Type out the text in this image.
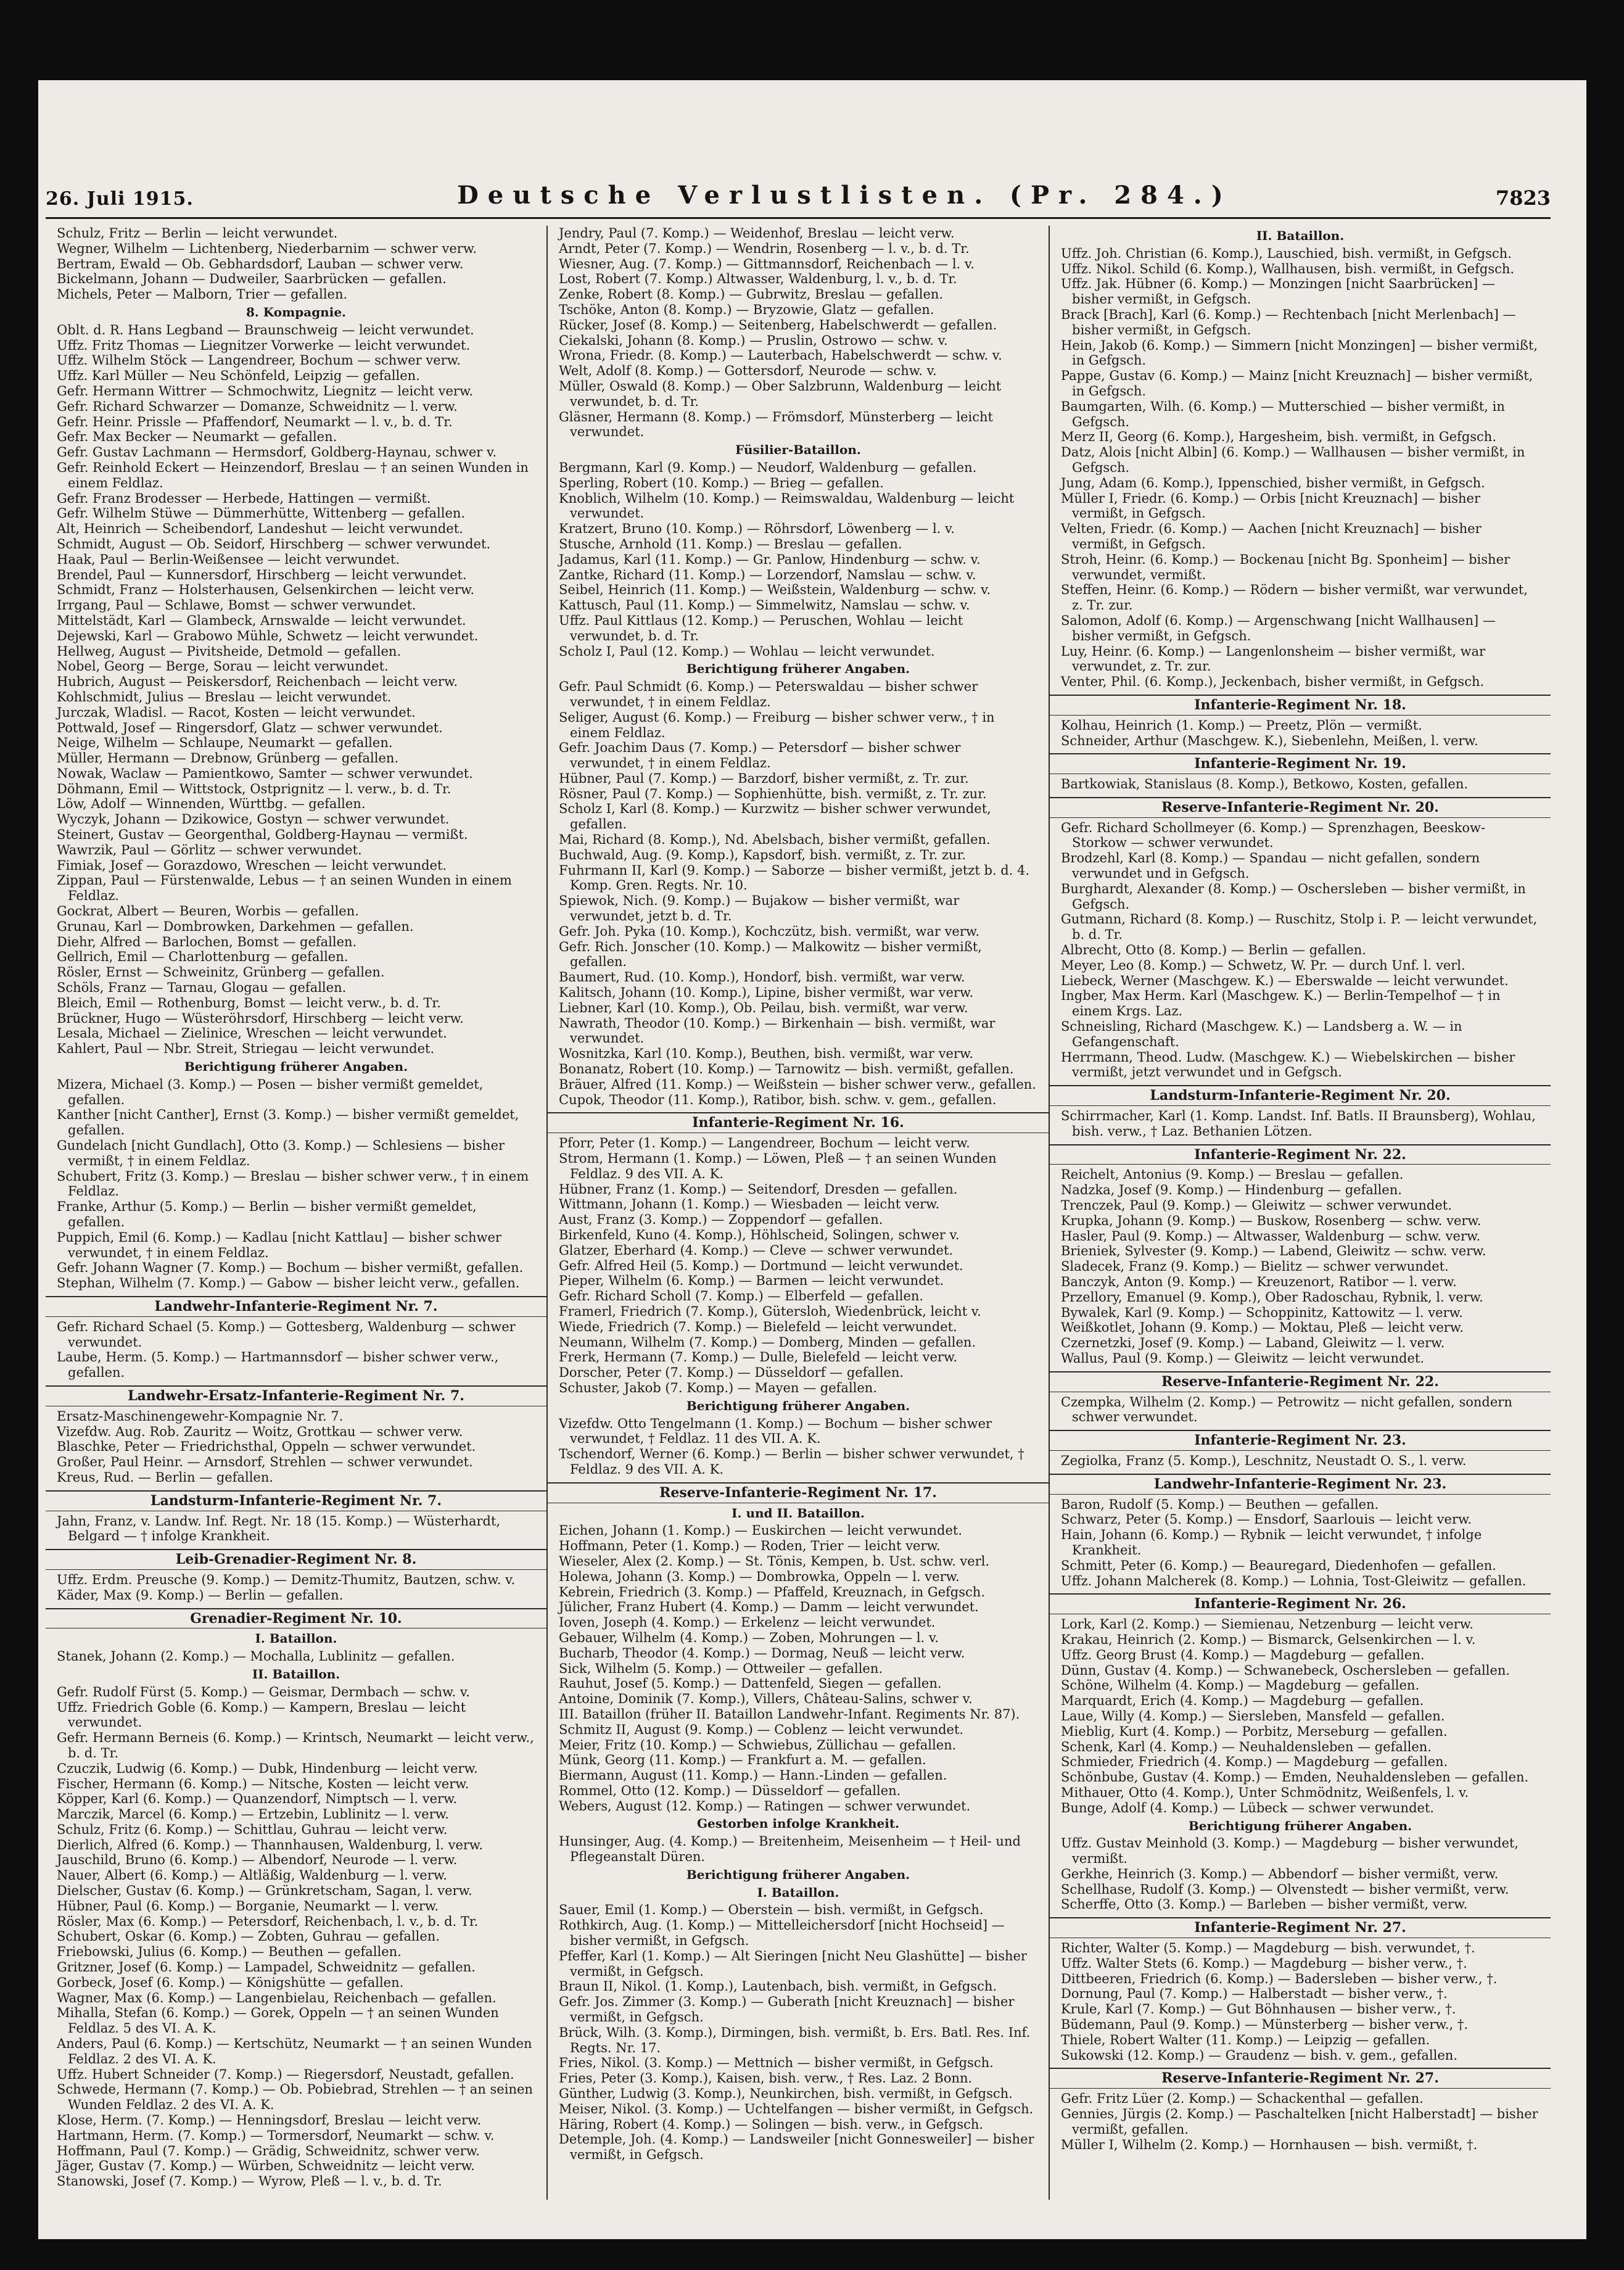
26. Juli 1915.	Deutsche Verlustlisten. (Pr. 284.)	7823

Schulz, Fritz — Berlin — leicht verwundet.

Wegner, Wilhelm — Lichtenberg, Niederbarnim — schwer verw.

Bertram, Ewald — Ob. Gebhardsdorf, Lauban — schwer verw.

Bickelmann, Johann — Dudweiler, Saarbrücken — gefallen.

Michels, Peter — Malborn, Trier — gefallen.

8. Kompagnie.

Oblt. d. R. Hans Legband — Braunschweig — leicht verwundet.

Uffz. Fritz Thomas — Liegnitzer Vorwerke — leicht verwundet.

Uffz. Wilhelm Stöck — Langendreer, Bochum — schwer verw.

Uffz. Karl Müller — Neu Schönfeld, Leipzig — gefallen.

Gefr. Hermann Wittrer — Schmochwitz, Liegnitz — leicht verw.

Gefr. Richard Schwarzer — Domanze, Schweidnitz — l. verw.

Gefr. Heinr. Prissle — Pfaffendorf, Neumarkt — l. v., b. d. Tr.

Gefr. Max Becker — Neumarkt — gefallen.

Gefr. Gustav Lachmann — Hermsdorf, Goldberg-Haynau, schwer v.

Gefr. Reinhold Eckert — Heinzendorf, Breslau — † an seinen Wunden in einem Feldlaz.

Gefr. Franz Brodesser — Herbede, Hattingen — vermißt.

Gefr. Wilhelm Stüwe — Dümmerhütte, Wittenberg — gefallen.

Alt, Heinrich — Scheibendorf, Landeshut — leicht verwundet.

Schmidt, August — Ob. Seidorf, Hirschberg — schwer verwundet.

Haak, Paul — Berlin-Weißensee — leicht verwundet.

Brendel, Paul — Kunnersdorf, Hirschberg — leicht verwundet.

Schmidt, Franz — Holsterhausen, Gelsenkirchen — leicht verw.

Irrgang, Paul — Schlawe, Bomst — schwer verwundet.

Mittelstädt, Karl — Glambeck, Arnswalde — leicht verwundet.

Dejewski, Karl — Grabowo Mühle, Schwetz — leicht verwundet.

Hellweg, August — Pivitsheide, Detmold — gefallen.

Nobel, Georg — Berge, Sorau — leicht verwundet.

Hubrich, August — Peiskersdorf, Reichenbach — leicht verw.

Kohlschmidt, Julius — Breslau — leicht verwundet.

Jurczak, Wladisl. — Racot, Kosten — leicht verwundet.

Pottwald, Josef — Ringersdorf, Glatz — schwer verwundet.

Neige, Wilhelm — Schlaupe, Neumarkt — gefallen.

Müller, Hermann — Drebnow, Grünberg — gefallen.

Nowak, Waclaw — Pamientkowo, Samter — schwer verwundet.

Döhmann, Emil — Wittstock, Ostprignitz — l. verw., b. d. Tr.

Löw, Adolf — Winnenden, Württbg. — gefallen.

Wyczyk, Johann — Dzikowice, Gostyn — schwer verwundet.

Steinert, Gustav — Georgenthal, Goldberg-Haynau — vermißt.

Wawrzik, Paul — Görlitz — schwer verwundet.

Fimiak, Josef — Gorazdowo, Wreschen — leicht verwundet.

Zippan, Paul — Fürstenwalde, Lebus — † an seinen Wunden in einem Feldlaz.

Gockrat, Albert — Beuren, Worbis — gefallen.

Grunau, Karl — Dombrowken, Darkehmen — gefallen.

Diehr, Alfred — Barlochen, Bomst — gefallen.

Gellrich, Emil — Charlottenburg — gefallen.

Rösler, Ernst — Schweinitz, Grünberg — gefallen.

Schöls, Franz — Tarnau, Glogau — gefallen.

Bleich, Emil — Rothenburg, Bomst — leicht verw., b. d. Tr.

Brückner, Hugo — Wüsteröhrsdorf, Hirschberg — leicht verw.

Lesala, Michael — Zielinice, Wreschen — leicht verwundet.

Kahlert, Paul — Nbr. Streit, Striegau — leicht verwundet.

Berichtigung früherer Angaben.

Mizera, Michael (3. Komp.) — Posen — bisher vermißt gemeldet, gefallen.

Kanther [nicht Canther], Ernst (3. Komp.) — bisher vermißt gemeldet, gefallen.

Gundelach [nicht Gundlach], Otto (3. Komp.) — Schlesiens — bisher vermißt, † in einem Feldlaz.

Schubert, Fritz (3. Komp.) — Breslau — bisher schwer verw., † in einem Feldlaz.

Franke, Arthur (5. Komp.) — Berlin — bisher vermißt gemeldet, gefallen.

Puppich, Emil (6. Komp.) — Kadlau [nicht Kattlau] — bisher schwer verwundet, † in einem Feldlaz.

Gefr. Johann Wagner (7. Komp.) — Bochum — bisher vermißt, gefallen.

Stephan, Wilhelm (7. Komp.) — Gabow — bisher leicht verw., gefallen.

Landwehr-Infanterie-Regiment Nr. 7.

Gefr. Richard Schael (5. Komp.) — Gottesberg, Waldenburg — schwer verwundet.

Laube, Herm. (5. Komp.) — Hartmannsdorf — bisher schwer verw., gefallen.

Landwehr-Ersatz-Infanterie-Regiment Nr. 7.

Ersatz-Maschinengewehr-Kompagnie Nr. 7.

Vizefdw. Aug. Rob. Zauritz — Woitz, Grottkau — schwer verw.

Blaschke, Peter — Friedrichsthal, Oppeln — schwer verwundet.

Großer, Paul Heinr. — Arnsdorf, Strehlen — schwer verwundet.

Kreus, Rud. — Berlin — gefallen.

Landsturm-Infanterie-Regiment Nr. 7.

Jahn, Franz, v. Landw. Inf. Regt. Nr. 18 (15. Komp.) — Wüsterhardt, Belgard — † infolge Krankheit.

Leib-Grenadier-Regiment Nr. 8.

Uffz. Erdm. Preusche (9. Komp.) — Demitz-Thumitz, Bautzen, schw. v.

Käder, Max (9. Komp.) — Berlin — gefallen.

Grenadier-Regiment Nr. 10.

I. Bataillon.

Stanek, Johann (2. Komp.) — Mochalla, Lublinitz — gefallen.

II. Bataillon.

Gefr. Rudolf Fürst (5. Komp.) — Geismar, Dermbach — schw. v.

Uffz. Friedrich Goble (6. Komp.) — Kampern, Breslau — leicht verwundet.

Gefr. Hermann Berneis (6. Komp.) — Krintsch, Neumarkt — leicht verw., b. d. Tr.

Czuczik, Ludwig (6. Komp.) — Dubk, Hindenburg — leicht verw.

Fischer, Hermann (6. Komp.) — Nitsche, Kosten — leicht verw.

Köpper, Karl (6. Komp.) — Quanzendorf, Nimptsch — l. verw.

Marczik, Marcel (6. Komp.) — Ertzebin, Lublinitz — l. verw.

Schulz, Fritz (6. Komp.) — Schittlau, Guhrau — leicht verw.

Dierlich, Alfred (6. Komp.) — Thannhausen, Waldenburg, l. verw.

Jauschild, Bruno (6. Komp.) — Albendorf, Neurode — l. verw.

Nauer, Albert (6. Komp.) — Altläßig, Waldenburg — l. verw.

Dielscher, Gustav (6. Komp.) — Grünkretscham, Sagan, l. verw.

Hübner, Paul (6. Komp.) — Borganie, Neumarkt — l. verw.

Rösler, Max (6. Komp.) — Petersdorf, Reichenbach, l. v., b. d. Tr.

Schubert, Oskar (6. Komp.) — Zobten, Guhrau — gefallen.

Friebowski, Julius (6. Komp.) — Beuthen — gefallen.

Gritzner, Josef (6. Komp.) — Lampadel, Schweidnitz — gefallen.

Gorbeck, Josef (6. Komp.) — Königshütte — gefallen.

Wagner, Max (6. Komp.) — Langenbielau, Reichenbach — gefallen.

Mihalla, Stefan (6. Komp.) — Gorek, Oppeln — † an seinen Wunden Feldlaz. 5 des VI. A. K.

Anders, Paul (6. Komp.) — Kertschütz, Neumarkt — † an seinen Wunden Feldlaz. 2 des VI. A. K.

Uffz. Hubert Schneider (7. Komp.) — Riegersdorf, Neustadt, gefallen.

Schwede, Hermann (7. Komp.) — Ob. Pobiebrad, Strehlen — † an seinen Wunden Feldlaz. 2 des VI. A. K.

Klose, Herm. (7. Komp.) — Henningsdorf, Breslau — leicht verw.

Hartmann, Herm. (7. Komp.) — Tormersdorf, Neumarkt — schw. v.

Hoffmann, Paul (7. Komp.) — Grädig, Schweidnitz, schwer verw.

Jäger, Gustav (7. Komp.) — Würben, Schweidnitz — leicht verw.

Stanowski, Josef (7. Komp.) — Wyrow, Pleß — l. v., b. d. Tr.

Jendry, Paul (7. Komp.) — Weidenhof, Breslau — leicht verw.

Arndt, Peter (7. Komp.) — Wendrin, Rosenberg — l. v., b. d. Tr.

Wiesner, Aug. (7. Komp.) — Gittmannsdorf, Reichenbach — l. v.

Lost, Robert (7. Komp.) Altwasser, Waldenburg, l. v., b. d. Tr.

Zenke, Robert (8. Komp.) — Gubrwitz, Breslau — gefallen.

Tschöke, Anton (8. Komp.) — Bryzowie, Glatz — gefallen.

Rücker, Josef (8. Komp.) — Seitenberg, Habelschwerdt — gefallen.

Ciekalski, Johann (8. Komp.) — Pruslin, Ostrowo — schw. v.

Wrona, Friedr. (8. Komp.) — Lauterbach, Habelschwerdt — schw. v.

Welt, Adolf (8. Komp.) — Gottersdorf, Neurode — schw. v.

Müller, Oswald (8. Komp.) — Ober Salzbrunn, Waldenburg — leicht verwundet, b. d. Tr.

Gläsner, Hermann (8. Komp.) — Frömsdorf, Münsterberg — leicht verwundet.

Füsilier-Bataillon.

Bergmann, Karl (9. Komp.) — Neudorf, Waldenburg — gefallen.

Sperling, Robert (10. Komp.) — Brieg — gefallen.

Knoblich, Wilhelm (10. Komp.) — Reimswaldau, Waldenburg — leicht verwundet.

Kratzert, Bruno (10. Komp.) — Röhrsdorf, Löwenberg — l. v.

Stusche, Arnhold (11. Komp.) — Breslau — gefallen.

Jadamus, Karl (11. Komp.) — Gr. Panlow, Hindenburg — schw. v.

Zantke, Richard (11. Komp.) — Lorzendorf, Namslau — schw. v.

Seibel, Heinrich (11. Komp.) — Weißstein, Waldenburg — schw. v.

Kattusch, Paul (11. Komp.) — Simmelwitz, Namslau — schw. v.

Uffz. Paul Kittlaus (12. Komp.) — Peruschen, Wohlau — leicht verwundet, b. d. Tr.

Scholz I, Paul (12. Komp.) — Wohlau — leicht verwundet.

Berichtigung früherer Angaben.

Gefr. Paul Schmidt (6. Komp.) — Peterswaldau — bisher schwer verwundet, † in einem Feldlaz.

Seliger, August (6. Komp.) — Freiburg — bisher schwer verw., † in einem Feldlaz.

Gefr. Joachim Daus (7. Komp.) — Petersdorf — bisher schwer verwundet, † in einem Feldlaz.

Hübner, Paul (7. Komp.) — Barzdorf, bisher vermißt, z. Tr. zur.

Rösner, Paul (7. Komp.) — Sophienhütte, bish. vermißt, z. Tr. zur.

Scholz I, Karl (8. Komp.) — Kurzwitz — bisher schwer verwundet, gefallen.

Mai, Richard (8. Komp.), Nd. Abelsbach, bisher vermißt, gefallen.

Buchwald, Aug. (9. Komp.), Kapsdorf, bish. vermißt, z. Tr. zur.

Fuhrmann II, Karl (9. Komp.) — Saborze — bisher vermißt, jetzt b. d. 4. Komp. Gren. Regts. Nr. 10.

Spiewok, Nich. (9. Komp.) — Bujakow — bisher vermißt, war verwundet, jetzt b. d. Tr.

Gefr. Joh. Pyka (10. Komp.), Kochczütz, bish. vermißt, war verw.

Gefr. Rich. Jonscher (10. Komp.) — Malkowitz — bisher vermißt, gefallen.

Baumert, Rud. (10. Komp.), Hondorf, bish. vermißt, war verw.

Kalitsch, Johann (10. Komp.), Lipine, bisher vermißt, war verw.

Liebner, Karl (10. Komp.), Ob. Peilau, bish. vermißt, war verw.

Nawrath, Theodor (10. Komp.) — Birkenhain — bish. vermißt, war verwundet.

Wosnitzka, Karl (10. Komp.), Beuthen, bish. vermißt, war verw.

Bonanatz, Robert (10. Komp.) — Tarnowitz — bish. vermißt, gefallen.

Bräuer, Alfred (11. Komp.) — Weißstein — bisher schwer verw., gefallen.

Cupok, Theodor (11. Komp.), Ratibor, bish. schw. v. gem., gefallen.

Infanterie-Regiment Nr. 16.

Pforr, Peter (1. Komp.) — Langendreer, Bochum — leicht verw.

Strom, Hermann (1. Komp.) — Löwen, Pleß — † an seinen Wunden Feldlaz. 9 des VII. A. K.

Hübner, Franz (1. Komp.) — Seitendorf, Dresden — gefallen.

Wittmann, Johann (1. Komp.) — Wiesbaden — leicht verw.

Aust, Franz (3. Komp.) — Zoppendorf — gefallen.

Birkenfeld, Kuno (4. Komp.), Höhlscheid, Solingen, schwer v.

Glatzer, Eberhard (4. Komp.) — Cleve — schwer verwundet.

Gefr. Alfred Heil (5. Komp.) — Dortmund — leicht verwundet.

Pieper, Wilhelm (6. Komp.) — Barmen — leicht verwundet.

Gefr. Richard Scholl (7. Komp.) — Elberfeld — gefallen.

Framerl, Friedrich (7. Komp.), Gütersloh, Wiedenbrück, leicht v.

Wiede, Friedrich (7. Komp.) — Bielefeld — leicht verwundet.

Neumann, Wilhelm (7. Komp.) — Domberg, Minden — gefallen.

Frerk, Hermann (7. Komp.) — Dulle, Bielefeld — leicht verw.

Dorscher, Peter (7. Komp.) — Düsseldorf — gefallen.

Schuster, Jakob (7. Komp.) — Mayen — gefallen.

Berichtigung früherer Angaben.

Vizefdw. Otto Tengelmann (1. Komp.) — Bochum — bisher schwer verwundet, † Feldlaz. 11 des VII. A. K.

Tschendorf, Werner (6. Komp.) — Berlin — bisher schwer verwundet, † Feldlaz. 9 des VII. A. K.

Reserve-Infanterie-Regiment Nr. 17.

I. und II. Bataillon.

Eichen, Johann (1. Komp.) — Euskirchen — leicht verwundet.

Hoffmann, Peter (1. Komp.) — Roden, Trier — leicht verw.

Wieseler, Alex (2. Komp.) — St. Tönis, Kempen, b. Ust. schw. verl.

Holewa, Johann (3. Komp.) — Dombrowka, Oppeln — l. verw.

Kebrein, Friedrich (3. Komp.) — Pfaffeld, Kreuznach, in Gefgsch.

Jülicher, Franz Hubert (4. Komp.) — Damm — leicht verwundet.

Ioven, Joseph (4. Komp.) — Erkelenz — leicht verwundet.

Gebauer, Wilhelm (4. Komp.) — Zoben, Mohrungen — l. v.

Bucharb, Theodor (4. Komp.) — Dormag, Neuß — leicht verw.

Sick, Wilhelm (5. Komp.) — Ottweiler — gefallen.

Rauhut, Josef (5. Komp.) — Dattenfeld, Siegen — gefallen.

Antoine, Dominik (7. Komp.), Villers, Château-Salins, schwer v.

III. Bataillon (früher II. Bataillon Landwehr-Infant. Regiments Nr. 87).

Schmitz II, August (9. Komp.) — Coblenz — leicht verwundet.

Meier, Fritz (10. Komp.) — Schwiebus, Züllichau — gefallen.

Münk, Georg (11. Komp.) — Frankfurt a. M. — gefallen.

Biermann, August (11. Komp.) — Hann.-Linden — gefallen.

Rommel, Otto (12. Komp.) — Düsseldorf — gefallen.

Webers, August (12. Komp.) — Ratingen — schwer verwundet.

Gestorben infolge Krankheit.

Hunsinger, Aug. (4. Komp.) — Breitenheim, Meisenheim — † Heil- und Pflegeanstalt Düren.

Berichtigung früherer Angaben.

I. Bataillon.

Sauer, Emil (1. Komp.) — Oberstein — bish. vermißt, in Gefgsch.

Rothkirch, Aug. (1. Komp.) — Mittelleichersdorf [nicht Hochseid] — bisher vermißt, in Gefgsch.

Pfeffer, Karl (1. Komp.) — Alt Sieringen [nicht Neu Glashütte] — bisher vermißt, in Gefgsch.

Braun II, Nikol. (1. Komp.), Lautenbach, bish. vermißt, in Gefgsch.

Gefr. Jos. Zimmer (3. Komp.) — Guberath [nicht Kreuznach] — bisher vermißt, in Gefgsch.

Brück, Wilh. (3. Komp.), Dirmingen, bish. vermißt, b. Ers. Batl. Res. Inf. Regts. Nr. 17.

Fries, Nikol. (3. Komp.) — Mettnich — bisher vermißt, in Gefgsch.

Fries, Peter (3. Komp.), Kaisen, bish. verw., † Res. Laz. 2 Bonn.

Günther, Ludwig (3. Komp.), Neunkirchen, bish. vermißt, in Gefgsch.

Meiser, Nikol. (3. Komp.) — Uchtelfangen — bisher vermißt, in Gefgsch.

Häring, Robert (4. Komp.) — Solingen — bish. verw., in Gefgsch.

Detemple, Joh. (4. Komp.) — Landsweiler [nicht Gonnesweiler] — bisher vermißt, in Gefgsch.

II. Bataillon.

Uffz. Joh. Christian (6. Komp.), Lauschied, bish. vermißt, in Gefgsch.

Uffz. Nikol. Schild (6. Komp.), Wallhausen, bish. vermißt, in Gefgsch.

Uffz. Jak. Hübner (6. Komp.) — Monzingen [nicht Saarbrücken] — bisher vermißt, in Gefgsch.

Brack [Brach], Karl (6. Komp.) — Rechtenbach [nicht Merlenbach] — bisher vermißt, in Gefgsch.

Hein, Jakob (6. Komp.) — Simmern [nicht Monzingen] — bisher vermißt, in Gefgsch.

Pappe, Gustav (6. Komp.) — Mainz [nicht Kreuznach] — bisher vermißt, in Gefgsch.

Baumgarten, Wilh. (6. Komp.) — Mutterschied — bisher vermißt, in Gefgsch.

Merz II, Georg (6. Komp.), Hargesheim, bish. vermißt, in Gefgsch.

Datz, Alois [nicht Albin] (6. Komp.) — Wallhausen — bisher vermißt, in Gefgsch.

Jung, Adam (6. Komp.), Ippenschied, bisher vermißt, in Gefgsch.

Müller I, Friedr. (6. Komp.) — Orbis [nicht Kreuznach] — bisher vermißt, in Gefgsch.

Velten, Friedr. (6. Komp.) — Aachen [nicht Kreuznach] — bisher vermißt, in Gefgsch.

Stroh, Heinr. (6. Komp.) — Bockenau [nicht Bg. Sponheim] — bisher verwundet, vermißt.

Steffen, Heinr. (6. Komp.) — Rödern — bisher vermißt, war verwundet, z. Tr. zur.

Salomon, Adolf (6. Komp.) — Argenschwang [nicht Wallhausen] — bisher vermißt, in Gefgsch.

Luy, Heinr. (6. Komp.) — Langenlonsheim — bisher vermißt, war verwundet, z. Tr. zur.

Venter, Phil. (6. Komp.), Jeckenbach, bisher vermißt, in Gefgsch.

Infanterie-Regiment Nr. 18.

Kolhau, Heinrich (1. Komp.) — Preetz, Plön — vermißt.

Schneider, Arthur (Maschgew. K.), Siebenlehn, Meißen, l. verw.

Infanterie-Regiment Nr. 19.

Bartkowiak, Stanislaus (8. Komp.), Betkowo, Kosten, gefallen.

Reserve-Infanterie-Regiment Nr. 20.

Gefr. Richard Schollmeyer (6. Komp.) — Sprenzhagen, Beeskow-Storkow — schwer verwundet.

Brodzehl, Karl (8. Komp.) — Spandau — nicht gefallen, sondern verwundet und in Gefgsch.

Burghardt, Alexander (8. Komp.) — Oschersleben — bisher vermißt, in Gefgsch.

Gutmann, Richard (8. Komp.) — Ruschitz, Stolp i. P. — leicht verwundet, b. d. Tr.

Albrecht, Otto (8. Komp.) — Berlin — gefallen.

Meyer, Leo (8. Komp.) — Schwetz, W. Pr. — durch Unf. l. verl.

Liebeck, Werner (Maschgew. K.) — Eberswalde — leicht verwundet.

Ingber, Max Herm. Karl (Maschgew. K.) — Berlin-Tempelhof — † in einem Krgs. Laz.

Schneisling, Richard (Maschgew. K.) — Landsberg a. W. — in Gefangenschaft.

Herrmann, Theod. Ludw. (Maschgew. K.) — Wiebelskirchen — bisher vermißt, jetzt verwundet und in Gefgsch.

Landsturm-Infanterie-Regiment Nr. 20.

Schirrmacher, Karl (1. Komp. Landst. Inf. Batls. II Braunsberg), Wohlau, bish. verw., † Laz. Bethanien Lötzen.

Infanterie-Regiment Nr. 22.

Reichelt, Antonius (9. Komp.) — Breslau — gefallen.

Nadzka, Josef (9. Komp.) — Hindenburg — gefallen.

Trenczek, Paul (9. Komp.) — Gleiwitz — schwer verwundet.

Krupka, Johann (9. Komp.) — Buskow, Rosenberg — schw. verw.

Hasler, Paul (9. Komp.) — Altwasser, Waldenburg — schw. verw.

Brieniek, Sylvester (9. Komp.) — Labend, Gleiwitz — schw. verw.

Sladecek, Franz (9. Komp.) — Bielitz — schwer verwundet.

Banczyk, Anton (9. Komp.) — Kreuzenort, Ratibor — l. verw.

Przellory, Emanuel (9. Komp.), Ober Radoschau, Rybnik, l. verw.

Bywalek, Karl (9. Komp.) — Schoppinitz, Kattowitz — l. verw.

Weißkotlet, Johann (9. Komp.) — Moktau, Pleß — leicht verw.

Czernetzki, Josef (9. Komp.) — Laband, Gleiwitz — l. verw.

Wallus, Paul (9. Komp.) — Gleiwitz — leicht verwundet.

Reserve-Infanterie-Regiment Nr. 22.

Czempka, Wilhelm (2. Komp.) — Petrowitz — nicht gefallen, sondern schwer verwundet.

Infanterie-Regiment Nr. 23.

Zegiolka, Franz (5. Komp.), Leschnitz, Neustadt O. S., l. verw.

Landwehr-Infanterie-Regiment Nr. 23.

Baron, Rudolf (5. Komp.) — Beuthen — gefallen.

Schwarz, Peter (5. Komp.) — Ensdorf, Saarlouis — leicht verw.

Hain, Johann (6. Komp.) — Rybnik — leicht verwundet, † infolge Krankheit.

Schmitt, Peter (6. Komp.) — Beauregard, Diedenhofen — gefallen.

Uffz. Johann Malcherek (8. Komp.) — Lohnia, Tost-Gleiwitz — gefallen.

Infanterie-Regiment Nr. 26.

Lork, Karl (2. Komp.) — Siemienau, Netzenburg — leicht verw.

Krakau, Heinrich (2. Komp.) — Bismarck, Gelsenkirchen — l. v.

Uffz. Georg Brust (4. Komp.) — Magdeburg — gefallen.

Dünn, Gustav (4. Komp.) — Schwanebeck, Oschersleben — gefallen.

Schöne, Wilhelm (4. Komp.) — Magdeburg — gefallen.

Marquardt, Erich (4. Komp.) — Magdeburg — gefallen.

Laue, Willy (4. Komp.) — Siersleben, Mansfeld — gefallen.

Mieblig, Kurt (4. Komp.) — Porbitz, Merseburg — gefallen.

Schenk, Karl (4. Komp.) — Neuhaldensleben — gefallen.

Schmieder, Friedrich (4. Komp.) — Magdeburg — gefallen.

Schönbube, Gustav (4. Komp.) — Emden, Neuhaldensleben — gefallen.

Mithauer, Otto (4. Komp.), Unter Schmödnitz, Weißenfels, l. v.

Bunge, Adolf (4. Komp.) — Lübeck — schwer verwundet.

Berichtigung früherer Angaben.

Uffz. Gustav Meinhold (3. Komp.) — Magdeburg — bisher verwundet, vermißt.

Gerkhe, Heinrich (3. Komp.) — Abbendorf — bisher vermißt, verw.

Schellhase, Rudolf (3. Komp.) — Olvenstedt — bisher vermißt, verw.

Scherffe, Otto (3. Komp.) — Barleben — bisher vermißt, verw.

Infanterie-Regiment Nr. 27.

Richter, Walter (5. Komp.) — Magdeburg — bish. verwundet, †.

Uffz. Walter Stets (6. Komp.) — Magdeburg — bisher verw., †.

Dittbeeren, Friedrich (6. Komp.) — Badersleben — bisher verw., †.

Dornung, Paul (7. Komp.) — Halberstadt — bisher verw., †.

Krule, Karl (7. Komp.) — Gut Böhnhausen — bisher verw., †.

Büdemann, Paul (9. Komp.) — Münsterberg — bisher verw., †.

Thiele, Robert Walter (11. Komp.) — Leipzig — gefallen.

Sukowski (12. Komp.) — Graudenz — bish. v. gem., gefallen.

Reserve-Infanterie-Regiment Nr. 27.

Gefr. Fritz Lüer (2. Komp.) — Schackenthal — gefallen.

Gennies, Jürgis (2. Komp.) — Paschaltelken [nicht Halberstadt] — bisher vermißt, gefallen.

Müller I, Wilhelm (2. Komp.) — Hornhausen — bish. vermißt, †.
